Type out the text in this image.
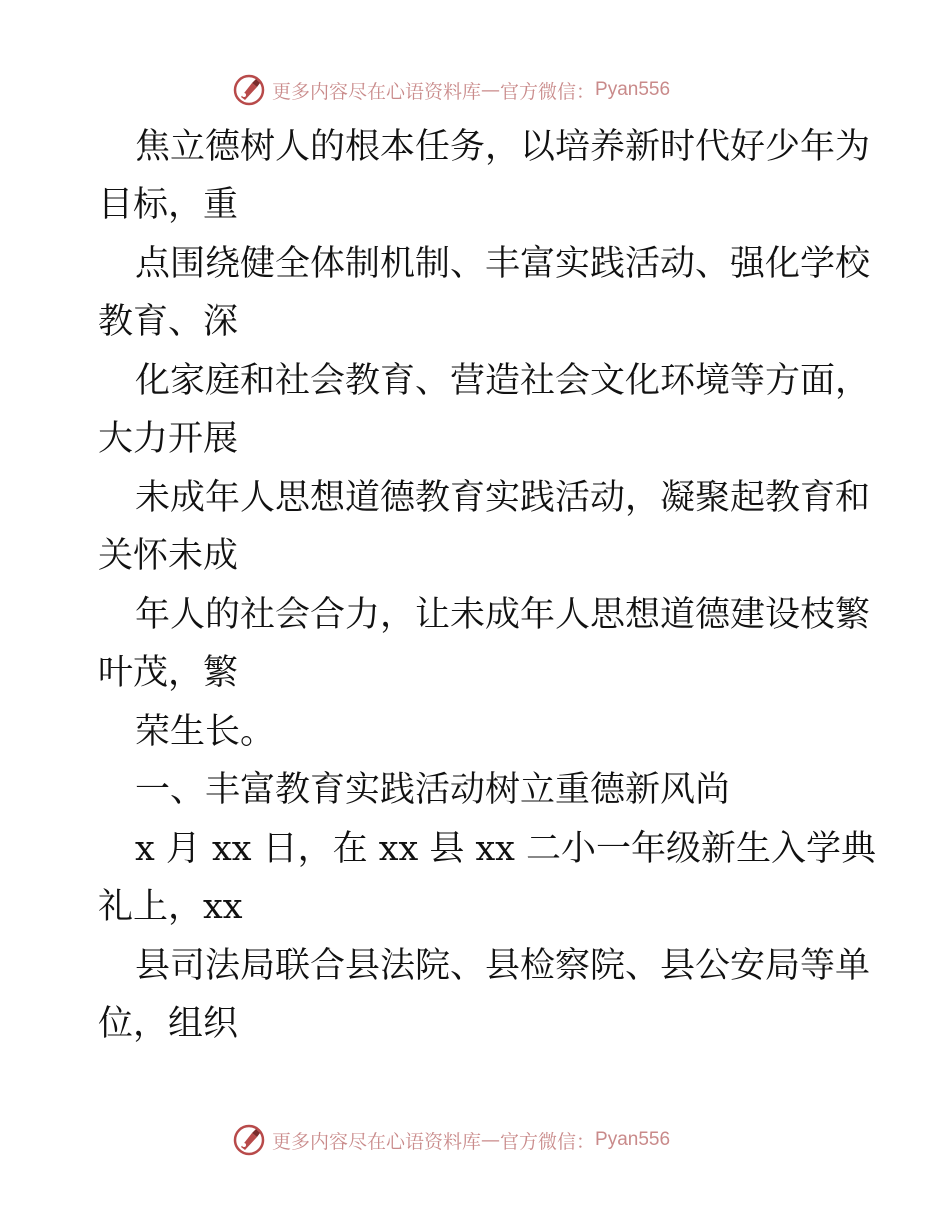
更多内容尽在心语资料库 — 官方微信： Pyan556
焦立德树人的根本任务，以培养新时代好少年为
目标，重
点围绕健全体制机制、丰富实践活动、强化学校
教育、深
化家庭和社会教育、营造社会文化环境等方面，
大力开展
未成年人思想道德教育实践活动，凝聚起教育和
关怀未成
年人的社会合力，让未成年人思想道德建设枝繁
叶茂，繁
荣生长。
一、丰富教育实践活动树立重德新风尚
x 月 xx 日，在 xx 县 xx 二小一年级新生入学典
礼上，xx
县司法局联合县法院、县检察院、县公安局等单
位，组织
更多内容尽在心语资料库 — 官方微信： Pyan556
